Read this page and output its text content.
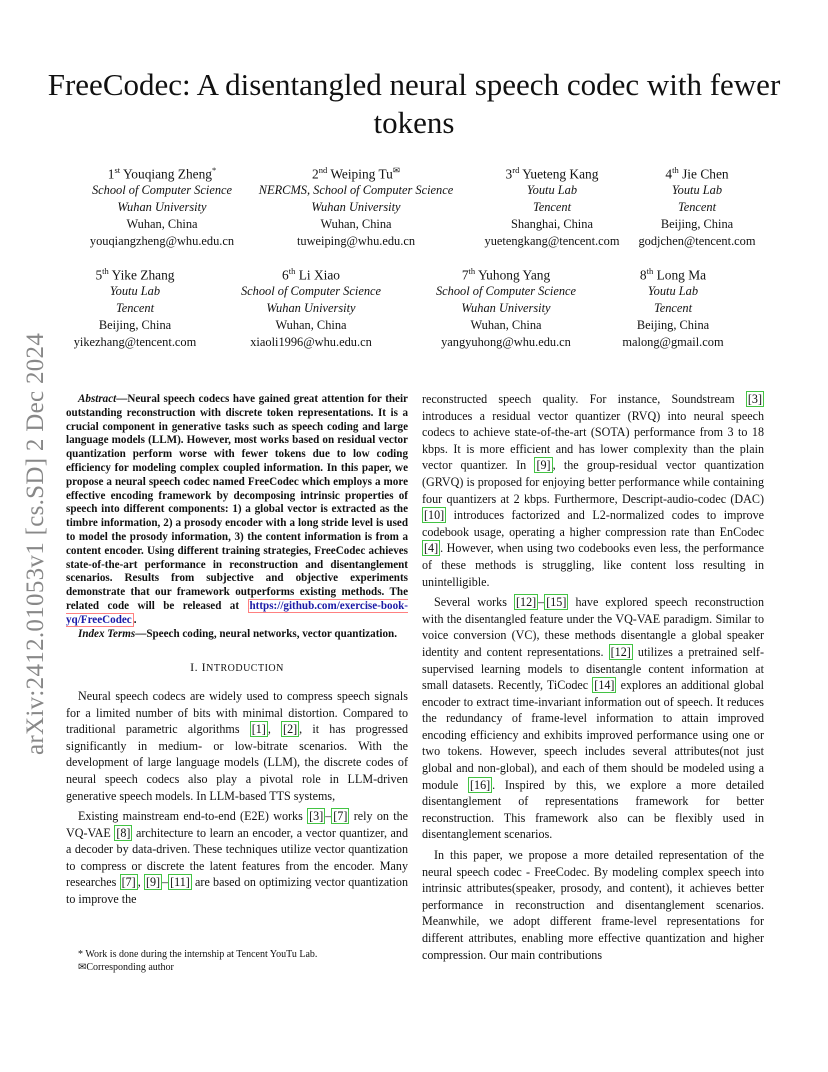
arXiv:2412.01053v1 [cs.SD] 2 Dec 2024
FreeCodec: A disentangled neural speech codec with fewer tokens
1st Youqiang Zheng*
School of Computer Science
Wuhan University
Wuhan, China
youqiangzheng@whu.edu.cn
2nd Weiping Tu✉
NERCMS, School of Computer Science
Wuhan University
Wuhan, China
tuweiping@whu.edu.cn
3rd Yueteng Kang
Youtu Lab
Tencent
Shanghai, China
yuetengkang@tencent.com
4th Jie Chen
Youtu Lab
Tencent
Beijing, China
godjchen@tencent.com
5th Yike Zhang
Youtu Lab
Tencent
Beijing, China
yikezhang@tencent.com
6th Li Xiao
School of Computer Science
Wuhan University
Wuhan, China
xiaoli1996@whu.edu.cn
7th Yuhong Yang
School of Computer Science
Wuhan University
Wuhan, China
yangyuhong@whu.edu.cn
8th Long Ma
Youtu Lab
Tencent
Beijing, China
malong@gmail.com

Abstract—Neural speech codecs have gained great attention for their outstanding reconstruction with discrete token representations. It is a crucial component in generative tasks such as speech coding and large language models (LLM). However, most works based on residual vector quantization perform worse with fewer tokens due to low coding efficiency for modeling complex coupled information. In this paper, we propose a neural speech codec named FreeCodec which employs a more effective encoding framework by decomposing intrinsic properties of speech into different components: 1) a global vector is extracted as the timbre information, 2) a prosody encoder with a long stride level is used to model the prosody information, 3) the content information is from a content encoder. Using different training strategies, FreeCodec achieves state-of-the-art performance in reconstruction and disentanglement scenarios. Results from subjective and objective experiments demonstrate that our framework outperforms existing methods. The related code will be released at https://github.com/exercise-book-yq/FreeCodec .

Index Terms—Speech coding, neural networks, vector quantization.

I. INTRODUCTION

Neural speech codecs are widely used to compress speech signals for a limited number of bits with minimal distortion. Compared to traditional parametric algorithms [1] , [2] , it has progressed significantly in medium- or low-bitrate scenarios. With the development of large language models (LLM), the discrete codes of neural speech codecs also play a pivotal role in LLM-driven generative speech models. In LLM-based TTS systems,

Existing mainstream end-to-end (E2E) works [3] – [7] rely on the VQ-VAE [8] architecture to learn an encoder, a vector quantizer, and a decoder by data-driven. These techniques utilize vector quantization to compress or discrete the latent features from the encoder. Many researches [7] , [9] – [11] are based on optimizing vector quantization to improve the

* Work is done during the internship at Tencent YouTu Lab.

✉Corresponding author

reconstructed speech quality. For instance, Soundstream [3] introduces a residual vector quantizer (RVQ) into neural speech codecs to achieve state-of-the-art (SOTA) performance from 3 to 18 kbps. It is more efficient and has lower complexity than the plain vector quantizer. In [9] , the group-residual vector quantization (GRVQ) is proposed for enjoying better performance while containing four quantizers at 2 kbps. Furthermore, Descript-audio-codec (DAC) [10] introduces factorized and L2-normalized codes to improve codebook usage, operating a higher compression rate than EnCodec [4] . However, when using two codebooks even less, the performance of these methods is struggling, like content loss resulting in unintelligible.

Several works [12] – [15] have explored speech reconstruction with the disentangled feature under the VQ-VAE paradigm. Similar to voice conversion (VC), these methods disentangle a global speaker identity and content representations. [12] utilizes a pretrained self-supervised learning models to disentangle content information at small datasets. Recently, TiCodec [14] explores an additional global encoder to extract time-invariant information out of speech. It reduces the redundancy of frame-level information to attain improved encoding efficiency and exhibits improved performance using one or two tokens. However, speech includes several attributes(not just global and non-global), and each of them should be modeled using a module [16] . Inspired by this, we explore a more detailed disentanglement of representations framework for better reconstruction. This framework also can be flexibly used in disentanglement scenarios.

In this paper, we propose a more detailed representation of the neural speech codec - FreeCodec. By modeling complex speech into intrinsic attributes(speaker, prosody, and content), it achieves better performance in reconstruction and disentanglement scenarios. Meanwhile, we adopt different frame-level representations for different attributes, enabling more effective quantization and higher compression. Our main contributions
